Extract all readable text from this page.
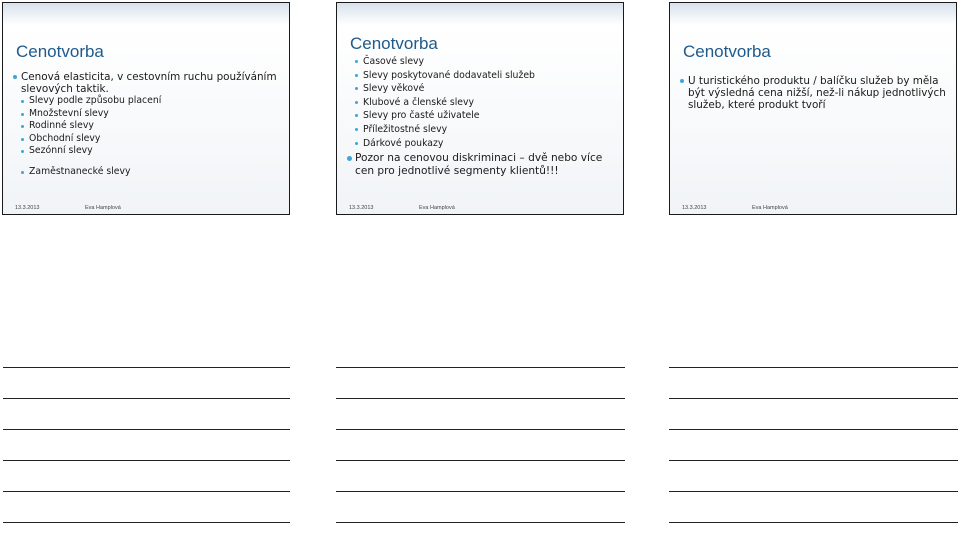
Cenotvorba
Cenová elasticita, v cestovním ruchu používáním slevových taktik.
Slevy podle způsobu placení
Množstevní slevy
Rodinné slevy
Obchodní slevy
Sezónní slevy
Zaměstnanecké slevy
13.3.2013	Eva Hamplová
Cenotvorba
Časové slevy
Slevy poskytované dodavateli služeb
Slevy věkové
Klubové a členské slevy
Slevy pro časté uživatele
Příležitostné slevy
Dárkové poukazy
Pozor na cenovou diskriminaci – dvě nebo více cen pro jednotlivé segmenty klientů!!!
13.3.2013	Eva Hamplová
Cenotvorba
U turistického produktu / balíčku služeb by měla být výsledná cena nižší, než-li nákup jednotlivých služeb, které produkt tvoří
13.3.2013	Eva Hamplová
